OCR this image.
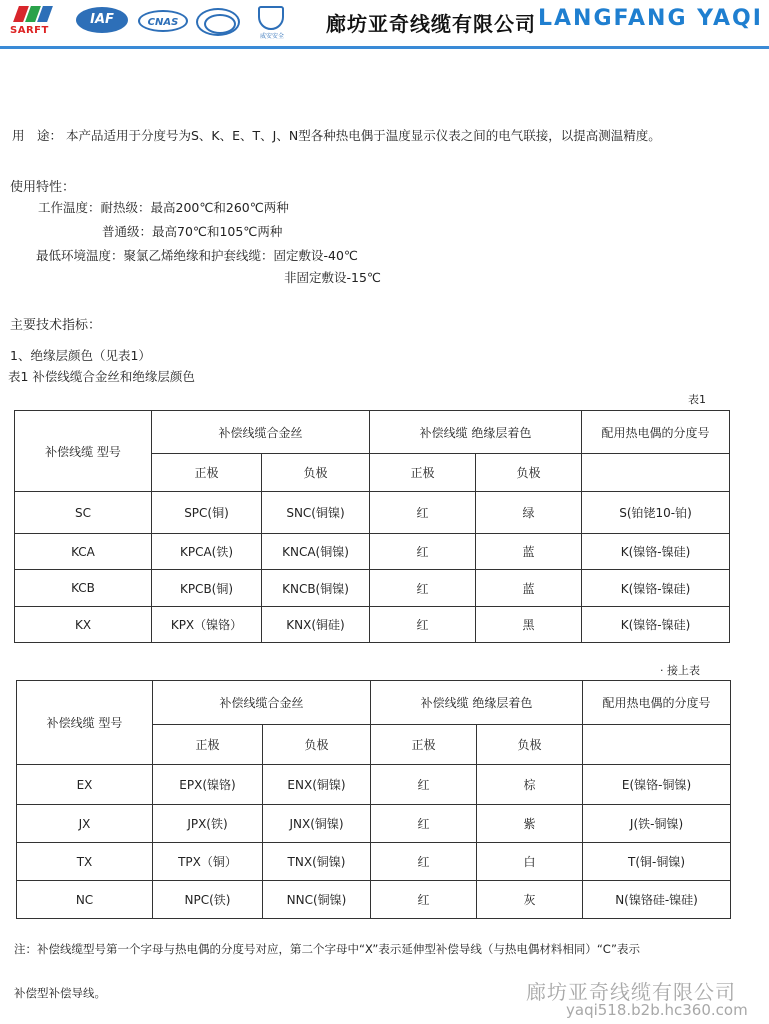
SARFT
IAF	CNAS
威安安全
廊坊亚奇线缆有限公司 LANGFANG YAQI
用　途： 本产品适用于分度号为S、K、E、T、J、N型各种热电偶于温度显示仪表之间的电气联接，以提高测温精度。
使用特性：
工作温度：耐热级：最高200℃和260℃两种
普通级：最高70℃和105℃两种
最低环境温度：聚氯乙烯绝缘和护套线缆：固定敷设-40℃
非固定敷设-15℃
主要技术指标：
1、绝缘层颜色（见表1）
表1 补偿线缆合金丝和绝缘层颜色
表1
补偿线缆 型号	补偿线缆合金丝		补偿线缆 绝缘层着色		配用热电偶的分度号
	正极	负极	正极	负极	
SC	SPC(铜)	SNC(铜镍)	红	绿	S(铂铑10-铂)
KCA	KPCA(铁)	KNCA(铜镍)	红	蓝	K(镍铬-镍硅)
KCB	KPCB(铜)	KNCB(铜镍)	红	蓝	K(镍铬-镍硅)
KX	KPX（镍铬）	KNX(铜硅)	红	黑	K(镍铬-镍硅)
· 接上表
补偿线缆 型号	补偿线缆合金丝		补偿线缆 绝缘层着色		配用热电偶的分度号
	正极	负极	正极	负极	
EX	EPX(镍铬)	ENX(铜镍)	红	棕	E(镍铬-铜镍)
JX	JPX(铁)	JNX(铜镍)	红	紫	J(铁-铜镍)
TX	TPX（铜）	TNX(铜镍)	红	白	T(铜-铜镍)
NC	NPC(铁)	NNC(铜镍)	红	灰	N(镍铬硅-镍硅)
注：补偿线缆型号第一个字母与热电偶的分度号对应，第二个字母中“X”表示延伸型补偿导线（与热电偶材料相同）“C”表示
补偿型补偿导线。	廊坊亚奇线缆有限公司
yaqi518.b2b.hc360.com
